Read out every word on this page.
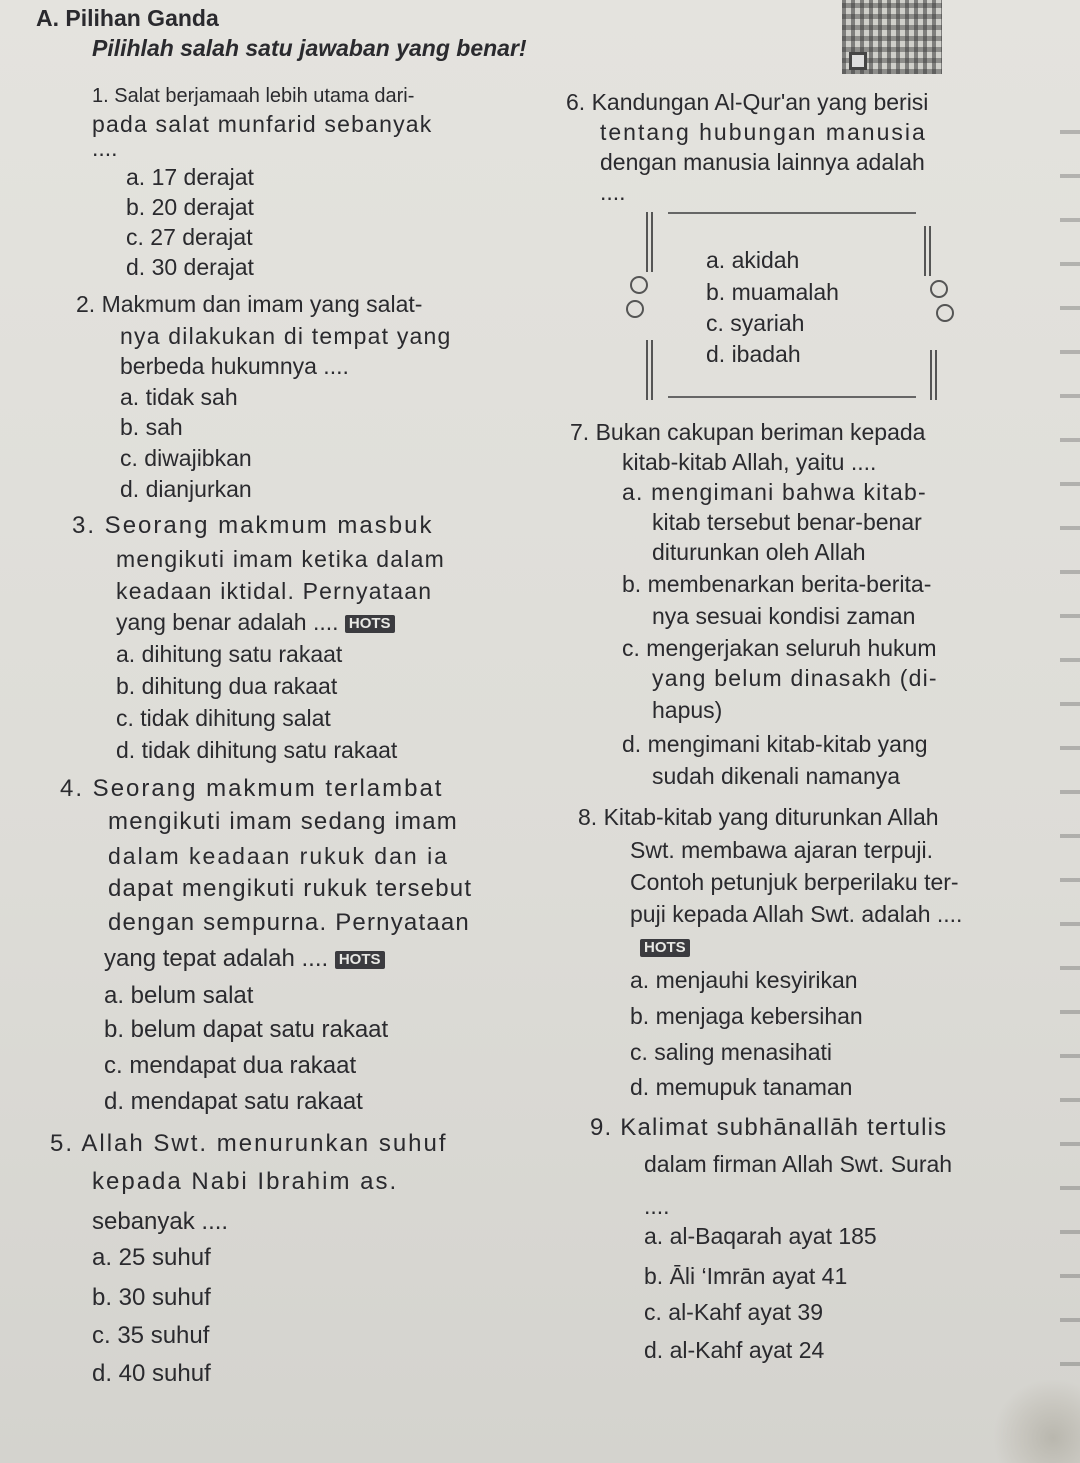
A. Pilihan Ganda
Pilihlah salah satu jawaban yang benar!
1. Salat berjamaah lebih utama dari-
pada salat munfarid sebanyak
....
a. 17 derajat
b. 20 derajat
c. 27 derajat
d. 30 derajat
2. Makmum dan imam yang salat-
nya dilakukan di tempat yang
berbeda hukumnya ....
a. tidak sah
b. sah
c. diwajibkan
d. dianjurkan
3. Seorang makmum masbuk
mengikuti imam ketika dalam
keadaan iktidal. Pernyataan
yang benar adalah .... HOTS
a. dihitung satu rakaat
b. dihitung dua rakaat
c. tidak dihitung salat
d. tidak dihitung satu rakaat
4. Seorang makmum terlambat
mengikuti imam sedang imam
dalam keadaan rukuk dan ia
dapat mengikuti rukuk tersebut
dengan sempurna. Pernyataan
yang tepat adalah .... HOTS
a. belum salat
b. belum dapat satu rakaat
c. mendapat dua rakaat
d. mendapat satu rakaat
5. Allah Swt. menurunkan suhuf
kepada Nabi Ibrahim as.
sebanyak ....
a. 25 suhuf
b. 30 suhuf
c. 35 suhuf
d. 40 suhuf
6. Kandungan Al-Qur'an yang berisi
tentang hubungan manusia
dengan manusia lainnya adalah
....
a. akidah
b. muamalah
c. syariah
d. ibadah
7. Bukan cakupan beriman kepada
kitab-kitab Allah, yaitu ....
a. mengimani bahwa kitab-
kitab tersebut benar-benar
diturunkan oleh Allah
b. membenarkan berita-berita-
nya sesuai kondisi zaman
c. mengerjakan seluruh hukum
yang belum dinasakh (di-
hapus)
d. mengimani kitab-kitab yang
sudah dikenali namanya
8. Kitab-kitab yang diturunkan Allah
Swt. membawa ajaran terpuji.
Contoh petunjuk berperilaku ter-
puji kepada Allah Swt. adalah ....
HOTS
a. menjauhi kesyirikan
b. menjaga kebersihan
c. saling menasihati
d. memupuk tanaman
9. Kalimat subhānallāh tertulis
dalam firman Allah Swt. Surah
....
a. al-Baqarah ayat 185
b. Āli ‘Imrān ayat 41
c. al-Kahf ayat 39
d. al-Kahf ayat 24
